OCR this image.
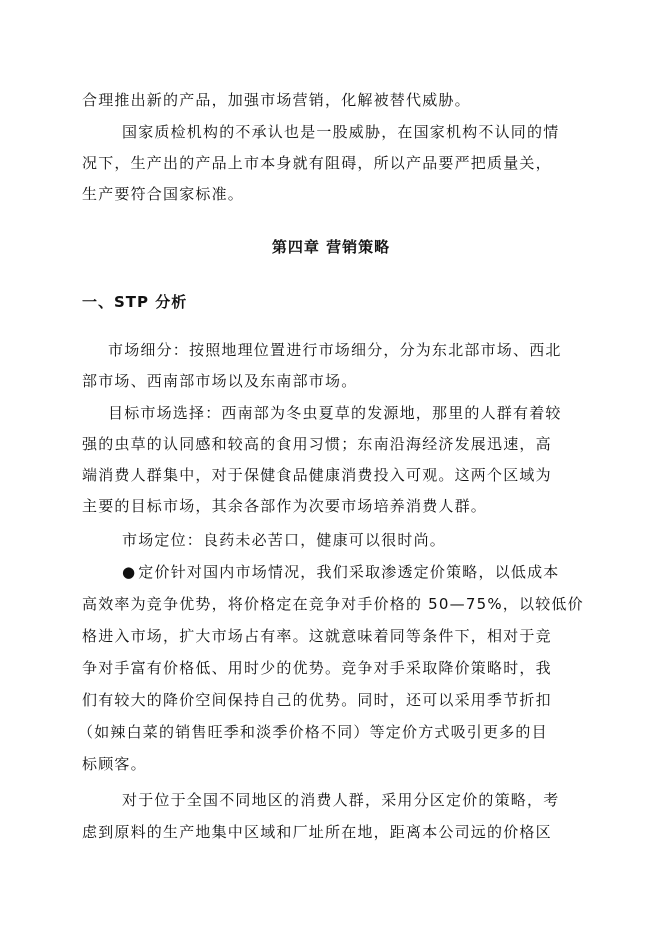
合理推出新的产品，加强市场营销，化解被替代威胁。
国家质检机构的不承认也是一股威胁，在国家机构不认同的情
况下，生产出的产品上市本身就有阻碍，所以产品要严把质量关，
生产要符合国家标准。
第四章 营销策略
一、STP 分析
市场细分：按照地理位置进行市场细分，分为东北部市场、西北
部市场、西南部市场以及东南部市场。
目标市场选择：西南部为冬虫夏草的发源地，那里的人群有着较
强的虫草的认同感和较高的食用习惯；东南沿海经济发展迅速，高
端消费人群集中，对于保健食品健康消费投入可观。这两个区域为
主要的目标市场，其余各部作为次要市场培养消费人群。
市场定位：良药未必苦口，健康可以很时尚。
● 定价针对国内市场情况，我们采取渗透定价策略，以低成本
高效率为竞争优势，将价格定在竞争对手价格的 50—75%，以较低价
格进入市场，扩大市场占有率。这就意味着同等条件下，相对于竞
争对手富有价格低、用时少的优势。竞争对手采取降价策略时，我
们有较大的降价空间保持自己的优势。同时，还可以采用季节折扣
（如辣白菜的销售旺季和淡季价格不同）等定价方式吸引更多的目
标顾客。
对于位于全国不同地区的消费人群，采用分区定价的策略，考
虑到原料的生产地集中区域和厂址所在地，距离本公司远的价格区
